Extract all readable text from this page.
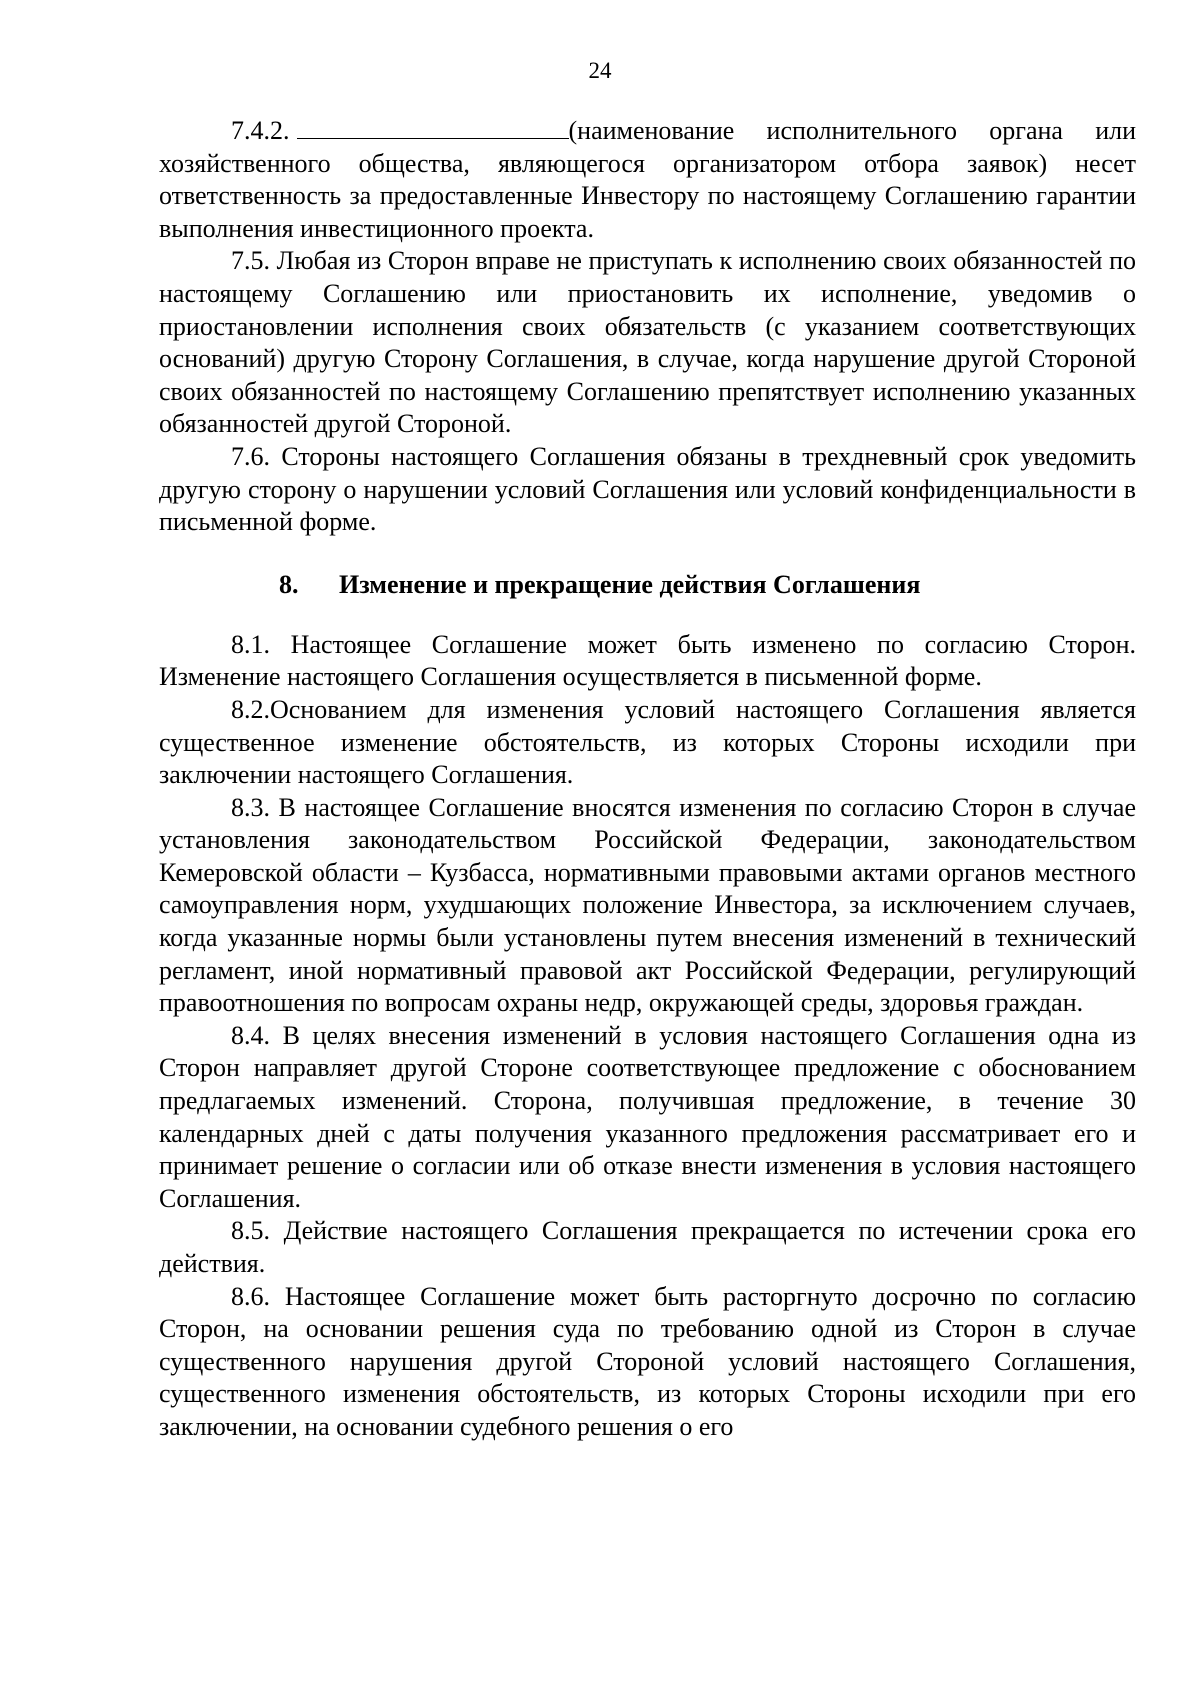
24

7.4.2.	(наименование исполнительного органа или хозяйственного общества, являющегося организатором отбора заявок) несет ответственность за предоставленные Инвестору по настоящему Соглашению гарантии выполнения инвестиционного проекта.

7.5. Любая из Сторон вправе не приступать к исполнению своих обязанностей по настоящему Соглашению или приостановить их исполнение, уведомив о приостановлении исполнения своих обязательств (с указанием соответствующих оснований) другую Сторону Соглашения, в случае, когда нарушение другой Стороной своих обязанностей по настоящему Соглашению препятствует исполнению указанных обязанностей другой Стороной.

7.6. Стороны настоящего Соглашения обязаны в трехдневный срок уведомить другую сторону о нарушении условий Соглашения или условий конфиденциальности в письменной форме.

8. Изменение и прекращение действия Соглашения

8.1. Настоящее Соглашение может быть изменено по согласию Сторон. Изменение настоящего Соглашения осуществляется в письменной форме.

8.2.Основанием для изменения условий настоящего Соглашения является существенное изменение обстоятельств, из которых Стороны исходили при заключении настоящего Соглашения.

8.3. В настоящее Соглашение вносятся изменения по согласию Сторон в случае установления законодательством Российской Федерации, законодательством Кемеровской области – Кузбасса, нормативными правовыми актами органов местного самоуправления норм, ухудшающих положение Инвестора, за исключением случаев, когда указанные нормы были установлены путем внесения изменений в технический регламент, иной нормативный правовой акт Российской Федерации, регулирующий правоотношения по вопросам охраны недр, окружающей среды, здоровья граждан.

8.4. В целях внесения изменений в условия настоящего Соглашения одна из Сторон направляет другой Стороне соответствующее предложение с обоснованием предлагаемых изменений. Сторона, получившая предложение, в течение 30 календарных дней с даты получения указанного предложения рассматривает его и принимает решение о согласии или об отказе внести изменения в условия настоящего Соглашения.

8.5. Действие настоящего Соглашения прекращается по истечении срока его действия.

8.6. Настоящее Соглашение может быть расторгнуто досрочно по согласию Сторон, на основании решения суда по требованию одной из Сторон в случае существенного нарушения другой Стороной условий настоящего Соглашения, существенного изменения обстоятельств, из которых Стороны исходили при его заключении, на основании судебного решения о его
